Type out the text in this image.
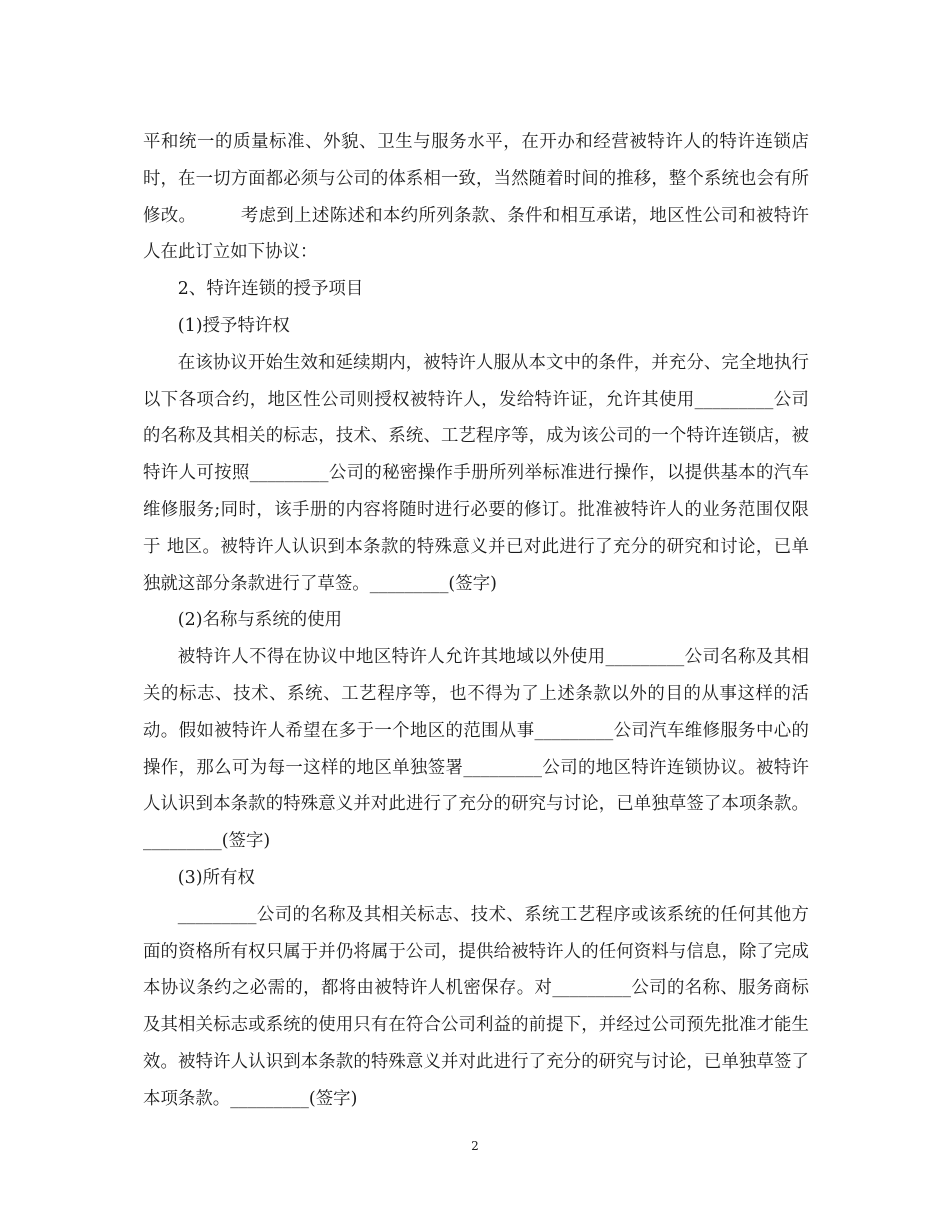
平和统一的质量标准、外貌、卫生与服务水平，在开办和经营被特许人的特许连锁店时，在一切方面都必须与公司的体系相一致，当然随着时间的推移，整个系统也会有所修改。　　　考虑到上述陈述和本约所列条款、条件和相互承诺，地区性公司和被特许人在此订立如下协议：

2、特许连锁的授予项目

(1)授予特许权

在该协议开始生效和延续期内，被特许人服从本文中的条件，并充分、完全地执行以下各项合约，地区性公司则授权被特许人，发给特许证，允许其使用_________公司的名称及其相关的标志，技术、系统、工艺程序等，成为该公司的一个特许连锁店，被特许人可按照_________公司的秘密操作手册所列举标准进行操作，以提供基本的汽车维修服务;同时，该手册的内容将随时进行必要的修订。批准被特许人的业务范围仅限于 地区。被特许人认识到本条款的特殊意义并已对此进行了充分的研究和讨论，已单独就这部分条款进行了草签。_________(签字)

(2)名称与系统的使用

被特许人不得在协议中地区特许人允许其地域以外使用_________公司名称及其相关的标志、技术、系统、工艺程序等，也不得为了上述条款以外的目的从事这样的活动。假如被特许人希望在多于一个地区的范围从事_________公司汽车维修服务中心的操作，那么可为每一这样的地区单独签署_________公司的地区特许连锁协议。被特许人认识到本条款的特殊意义并对此进行了充分的研究与讨论，已单独草签了本项条款。_________(签字)

(3)所有权

_________公司的名称及其相关标志、技术、系统工艺程序或该系统的任何其他方面的资格所有权只属于并仍将属于公司，提供给被特许人的任何资料与信息，除了完成本协议条约之必需的，都将由被特许人机密保存。对_________公司的名称、服务商标及其相关标志或系统的使用只有在符合公司利益的前提下，并经过公司预先批准才能生效。被特许人认识到本条款的特殊意义并对此进行了充分的研究与讨论，已单独草签了本项条款。_________(签字)

2
